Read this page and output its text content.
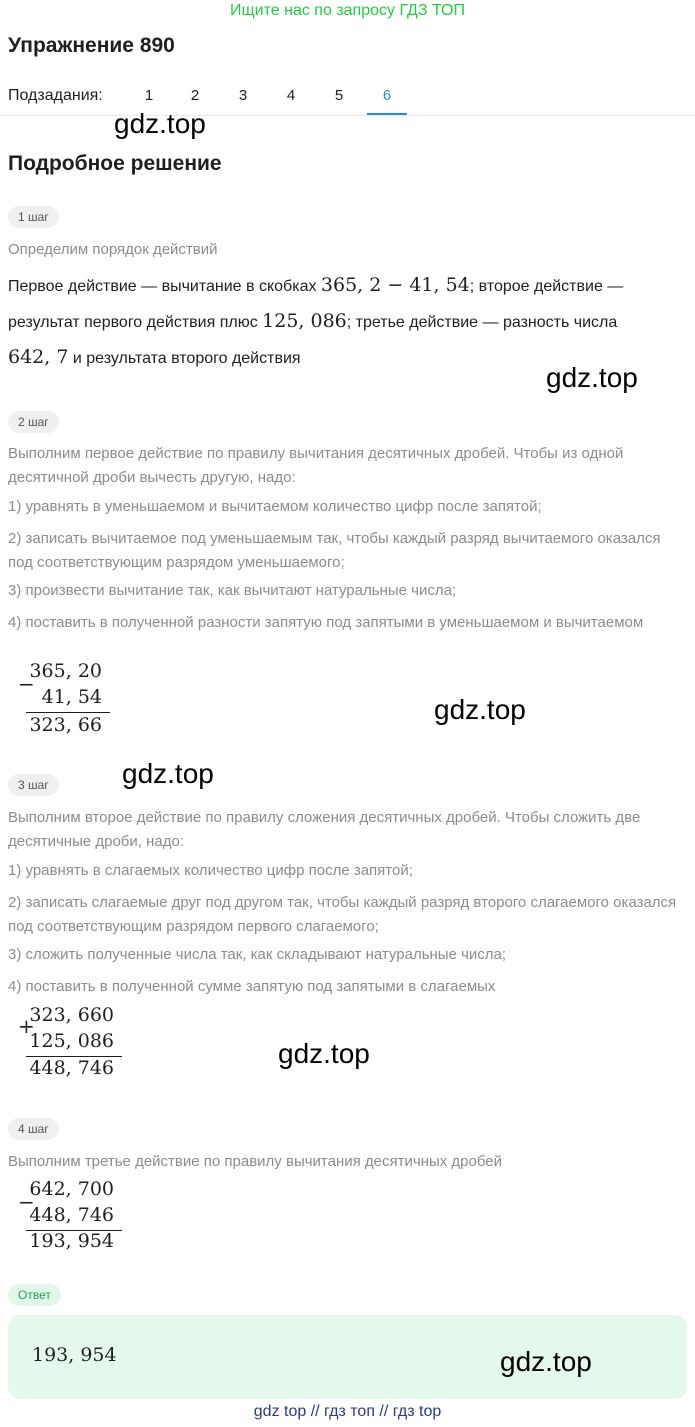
Ищите нас по запросу ГДЗ ТОП
Упражнение 890
Подзадания:	1	2	3	4	5	6
gdz.top
Подробное решение
1 шаг
Определим порядок действий
Первое действие — вычитание в скобках 365, 2 − 41, 54; второе действие —
результат первого действия плюс 125, 086; третье действие — разность числа
642, 7 и результата второго действия
gdz.top
2 шаг
Выполним первое действие по правилу вычитания десятичных дробей. Чтобы из одной десятичной дроби вычесть другую, надо:
1) уравнять в уменьшаемом и вычитаемом количество цифр после запятой;
2) записать вычитаемое под уменьшаемым так, чтобы каждый разряд вычитаемого оказался под соответствующим разрядом уменьшаемого;
3) произвести вычитание так, как вычитают натуральные числа;
4) поставить в полученной разности запятую под запятыми в уменьшаемом и вычитаемом
−
365, 20
41, 54
323, 66	gdz.top
gdz.top
3 шаг
Выполним второе действие по правилу сложения десятичных дробей. Чтобы сложить две десятичные дроби, надо:
1) уравнять в слагаемых количество цифр после запятой;
2) записать слагаемые друг под другом так, чтобы каждый разряд второго слагаемого оказался под соответствующим разрядом первого слагаемого;
3) сложить полученные числа так, как складывают натуральные числа;
4) поставить в полученной сумме запятую под запятыми в слагаемых
+
323, 660
125, 086
448, 746	gdz.top
4 шаг
Выполним третье действие по правилу вычитания десятичных дробей
−
642, 700
448, 746
193, 954
Ответ
193, 954	gdz.top
gdz top // гдз топ // гдз top
